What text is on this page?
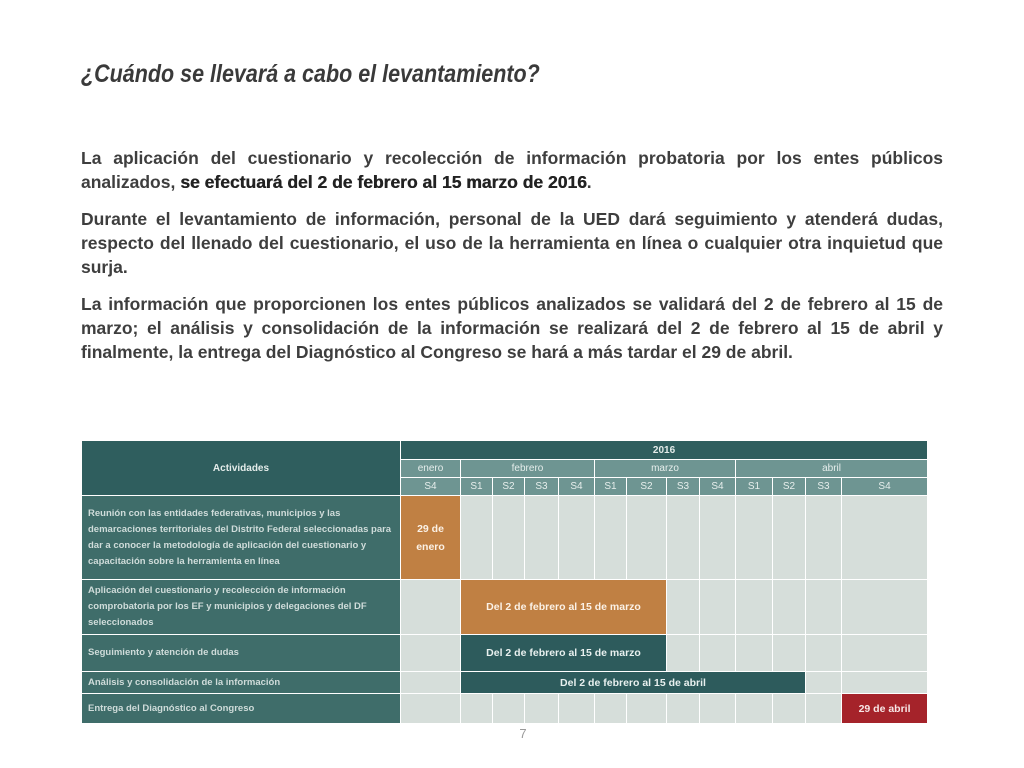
¿Cuándo se llevará a cabo el levantamiento?

La aplicación del cuestionario y recolección de información probatoria por los entes públicos analizados, se efectuará del 2 de febrero al 15 marzo de 2016.

Durante el levantamiento de información, personal de la UED dará seguimiento y atenderá dudas, respecto del llenado del cuestionario, el uso de la herramienta en línea o cualquier otra inquietud que surja.

La información que proporcionen los entes públicos analizados se validará del 2 de febrero al 15 de marzo; el análisis y consolidación de la información se realizará del 2 de febrero al 15 de abril y finalmente, la entrega del Diagnóstico al Congreso se hará a más tardar el 29 de abril.

Actividades	2016												
	enero	febrero				marzo				abril			
	S4	S1	S2	S3	S4	S1	S2	S3	S4	S1	S2	S3	S4
Reunión con las entidades federativas, municipios y las demarcaciones territoriales del Distrito Federal seleccionadas para dar a conocer la metodología de aplicación del cuestionario y capacitación sobre la herramienta en línea	29 de enero												
Aplicación del cuestionario y recolección de información comprobatoria por los EF y municipios y delegaciones del DF seleccionados		Del 2 de febrero al 15 de marzo											
Seguimiento y atención de dudas		Del 2 de febrero al 15 de marzo											
Análisis y consolidación de la información		Del 2 de febrero al 15 de abril											
Entrega del Diagnóstico al Congreso													29 de abril
7
